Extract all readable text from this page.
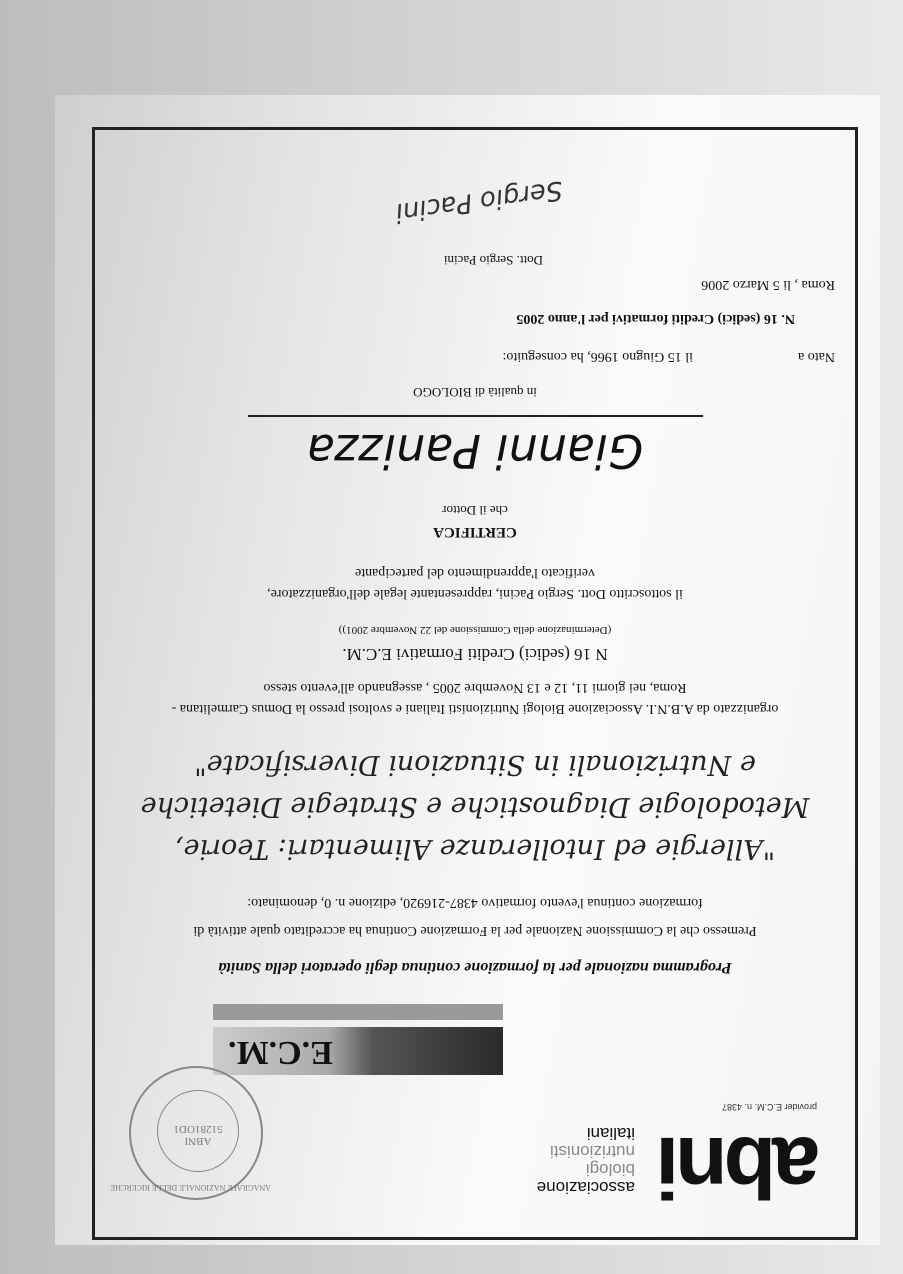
abni
associazione
biologi
nutrizionisti
italiani
provider E.C.M. n. 4387
E.C.M.
ANAGRAFE NAZIONALE DELLE RICERCHE
ABNI
51281OD1
Programma nazionale per la formazione continua degli operatori della Sanità
Premesso che la Commissione Nazionale per la Formazione Continua ha accreditato quale attività di
formazione continua l'evento formativo 4387-216920, edizione n. 0, denominato:
"Allergie ed Intolleranze Alimentari: Teorie,
Metodologie Diagnostiche e Strategie Dietetiche
e Nutrizionali in Situazioni Diversificate"
organizzato da A.B.N.I. Associazione Biologi Nutrizionisti Italiani e svoltosi presso la Domus Carmelitana -
Roma, nei giorni 11, 12 e 13 Novembre 2005 , assegnando all'evento stesso
N 16 (sedici) Crediti Formativi E.C.M.
(Determinazione della Commissione del 22 Novembre 2001))
il sottoscritto Dott. Sergio Pacini, rappresentante legale dell'organizzatore,
verificato l'apprendimento del partecipante
CERTIFICA
che il Dottor
Gianni Panizza
in qualità di BIOLOGO
Nato a
il 15 Giugno 1966, ha conseguito:
N. 16 (sedici) Crediti formativi per l'anno 2005
Roma , li 5 Marzo 2006
Dott. Sergio Pacini
Sergio Pacini
